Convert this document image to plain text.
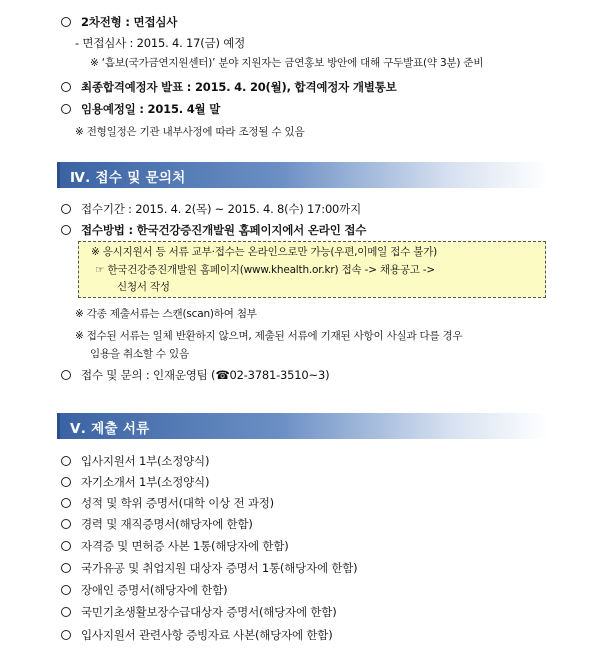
2차전형 : 면접심사
- 면접심사 : 2015. 4. 17(금) 예정
※ ‘흡보(국가금연지원센터)’ 분야 지원자는 금연홍보 방안에 대해 구두발표(약 3분) 준비
최종합격예정자 발표 : 2015. 4. 20(월), 합격예정자 개별통보
임용예정일 : 2015. 4월 말
※ 전형일정은 기관 내부사정에 따라 조정될 수 있음
Ⅳ. 접수 및 문의처
접수기간 : 2015. 4. 2(목) ~ 2015. 4. 8(수) 17:00까지
접수방법 : 한국건강증진개발원 홈페이지에서 온라인 접수
※ 응시지원서 등 서류 교부·접수는 온라인으로만 가능(우편,이메일 접수 불가)
☞ 한국건강증진개발원 홈페이지(www.khealth.or.kr) 접속 -> 채용공고 ->
신청서 작성
※ 각종 제출서류는 스캔(scan)하여 첨부
※ 접수된 서류는 일체 반환하지 않으며, 제출된 서류에 기재된 사항이 사실과 다를 경우
임용을 취소할 수 있음
접수 및 문의 : 인재운영팀 (☎02-3781-3510~3)
Ⅴ. 제출 서류
입사지원서 1부(소정양식)
자기소개서 1부(소정양식)
성적 및 학위 증명서(대학 이상 전 과정)
경력 및 재직증명서(해당자에 한함)
자격증 및 면허증 사본 1통(해당자에 한함)
국가유공 및 취업지원 대상자 증명서 1통(해당자에 한함)
장애인 증명서(해당자에 한함)
국민기초생활보장수급대상자 증명서(해당자에 한함)
입사지원서 관련사항 증빙자료 사본(해당자에 한함)
